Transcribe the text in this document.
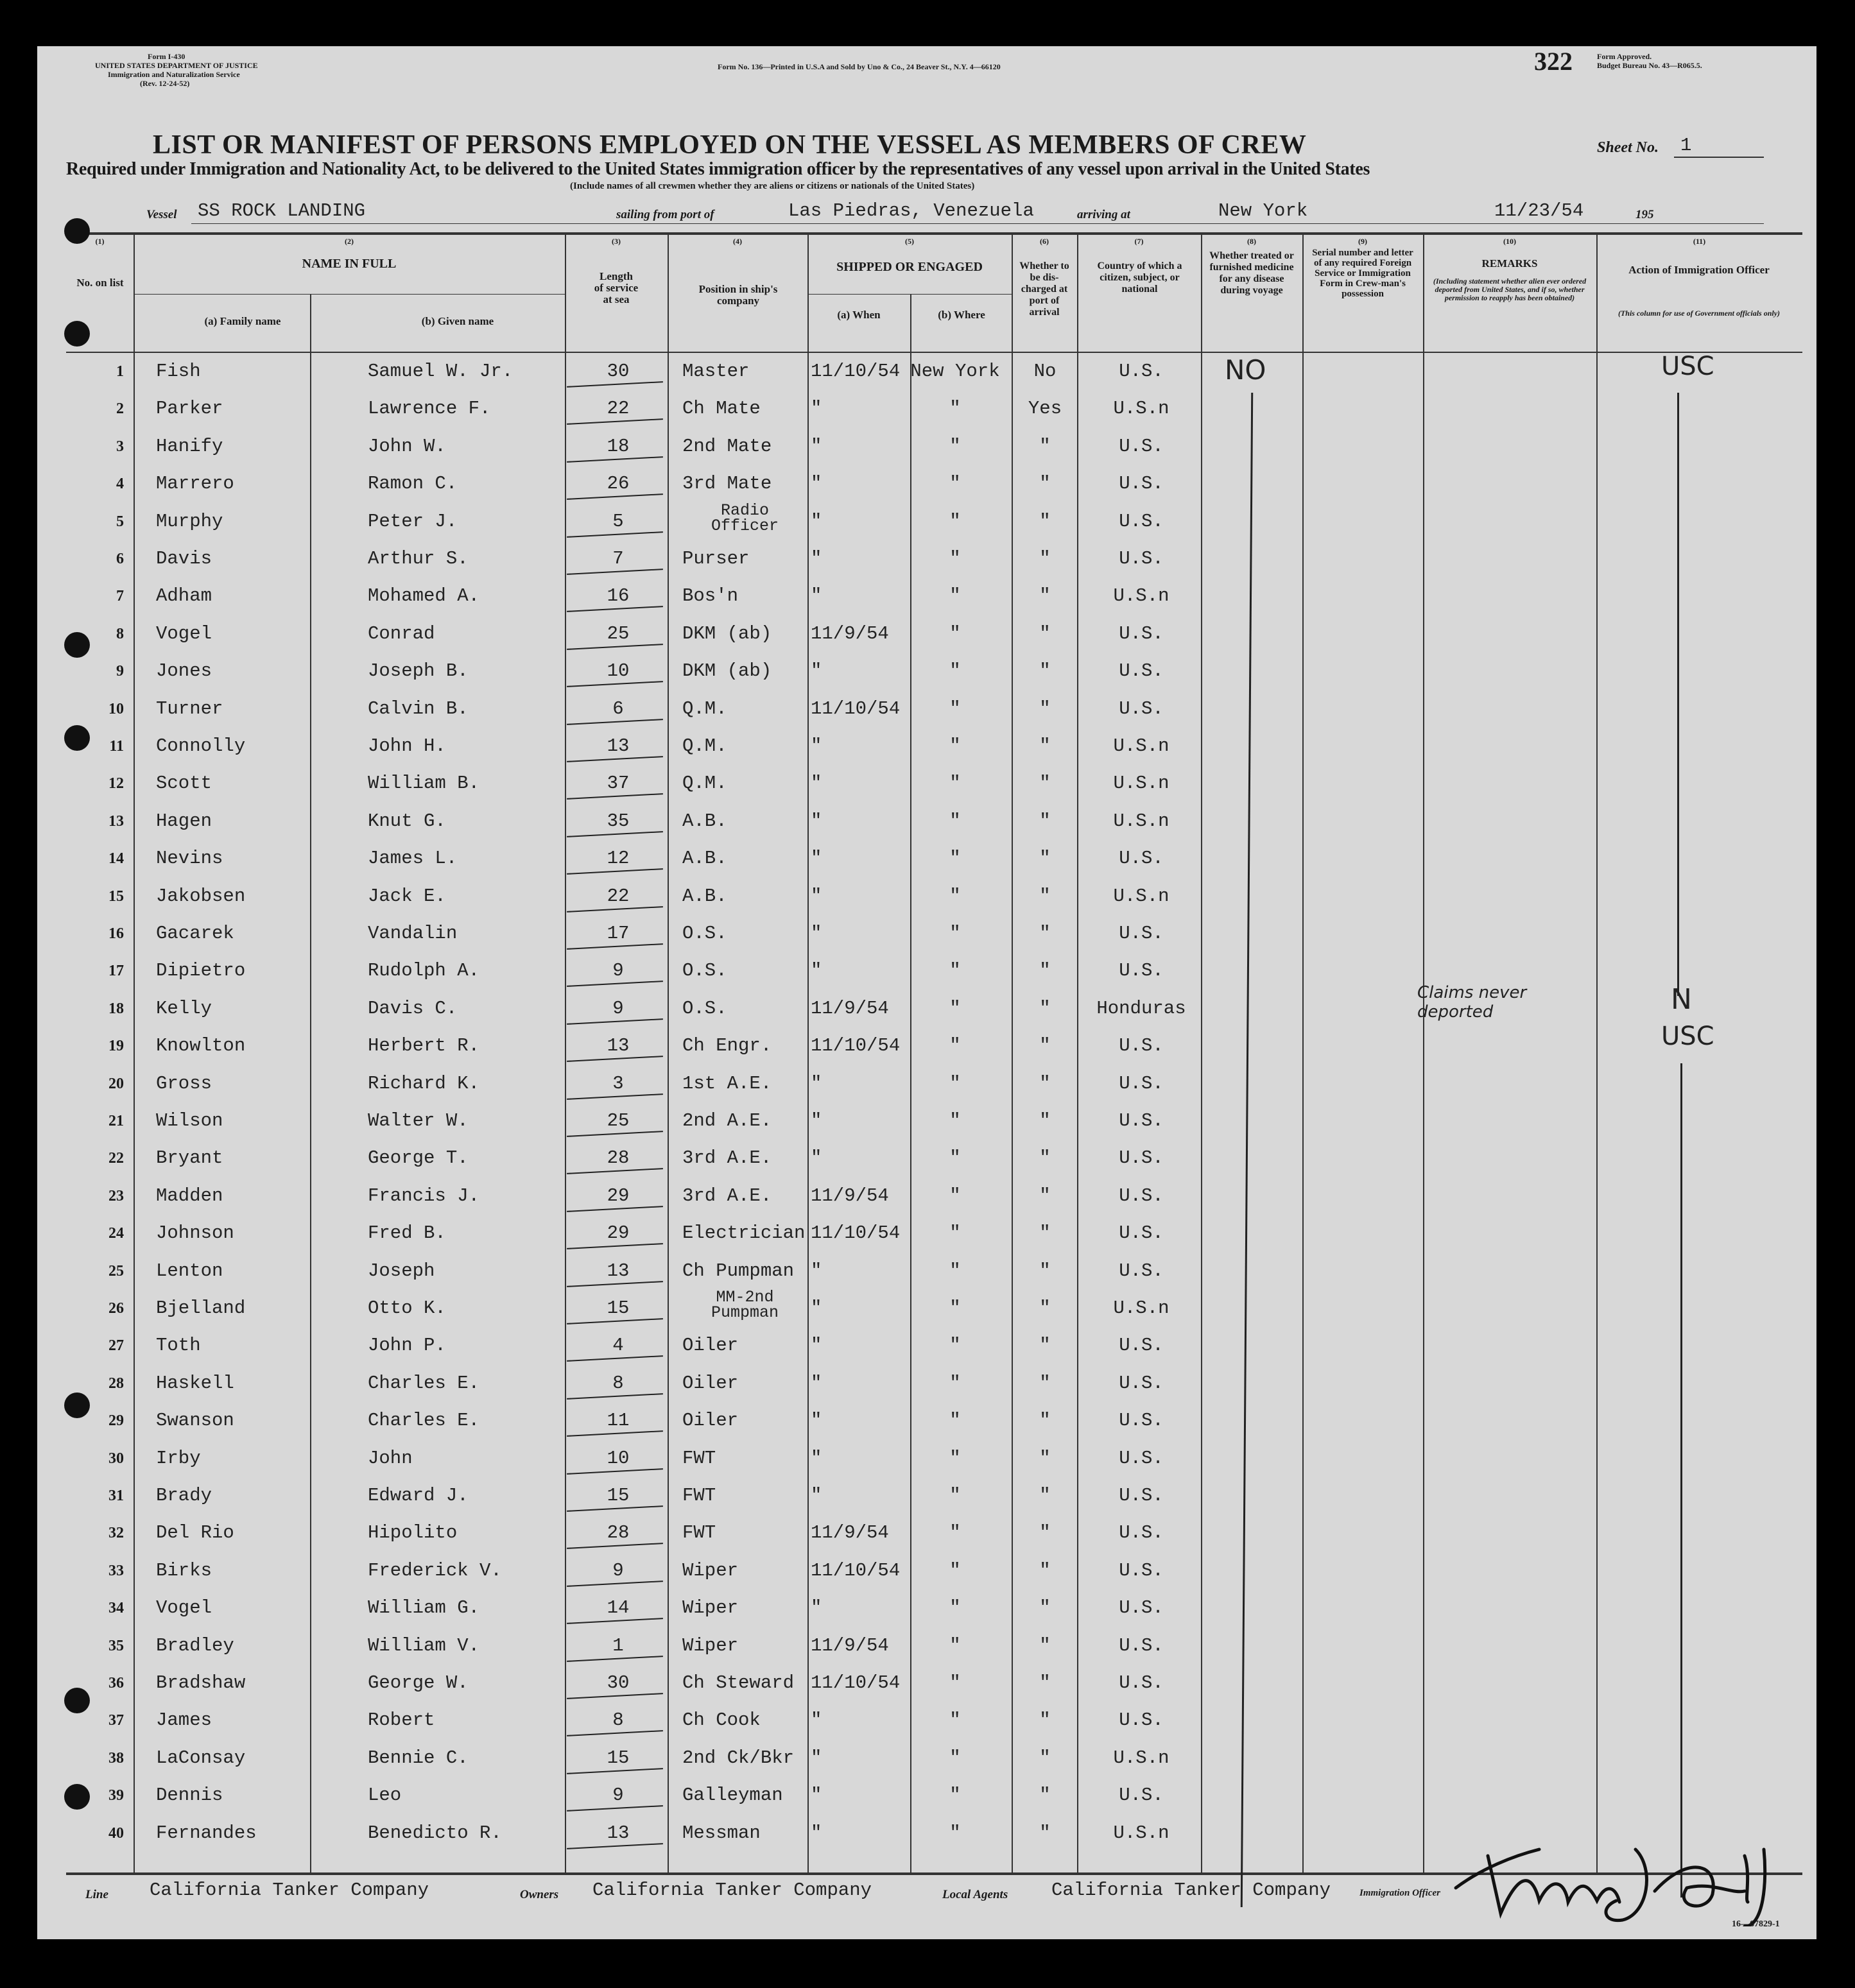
Form I-430
UNITED STATES DEPARTMENT OF JUSTICE
Immigration and Naturalization Service
(Rev. 12-24-52)
Form No. 136—Printed in U.S.A and Sold by Uno & Co., 24 Beaver St., N.Y. 4—66120	322	Form Approved.
Budget Bureau No. 43—R065.5.
LIST OR MANIFEST OF PERSONS EMPLOYED ON THE VESSEL AS MEMBERS OF CREW	Sheet No. 1
Required under Immigration and Nationality Act, to be delivered to the United States immigration officer by the representatives of any vessel upon arrival in the United States
(Include names of all crewmen whether they are aliens or citizens or nationals of the United States)
Vessel SS ROCK LANDING	sailing from port of	Las Piedras, Venezuela	arriving at	New York	11/23/54	195
(1)
No. on list
(2)
NAME IN FULL
(a) Family name	(b) Given name
(3)
Length of service at sea
(4)
Position in ship's company
(5)
SHIPPED OR ENGAGED
(a) When	(b) Where
(6)
Whether to be dis-charged at port of arrival
(7)
Country of which a citizen, subject, or national
(8)
Whether treated or furnished medicine for any disease during voyage
(9)
Serial number and letter of any required Foreign Service or Immigration Form in Crew-man's possession
(10)
REMARKS
(Including statement whether alien ever ordered deported from United States, and if so, whether permission to reapply has been obtained)
(11)
Action of Immigration Officer
(This column for use of Government officials only)
1 Fish	Samuel W. Jr.	30	Master	11/10/54 New York	No	U.S.
2 Parker	Lawrence F.	22	Ch Mate	"	"	Yes	U.S.n
3 Hanify	John W.	18	2nd Mate	"	"	"	U.S.
4 Marrero	Ramon C.	26	3rd Mate	"	"	"	U.S.
5 Murphy	Peter J.	5
Radio
Officer	"	"	"	U.S.
6 Davis	Arthur S.	7	Purser	"	"	"	U.S.
7 Adham	Mohamed A.	16	Bos'n	"	"	"	U.S.n
8 Vogel	Conrad	25	DKM (ab)	11/9/54	"	"	U.S.
9 Jones	Joseph B.	10	DKM (ab)	"	"	"	U.S.
10 Turner	Calvin B.	6	Q.M.	11/10/54	"	"	U.S.
11 Connolly	John H.	13	Q.M.	"	"	"	U.S.n
12 Scott	William B.	37	Q.M.	"	"	"	U.S.n
13 Hagen	Knut G.	35	A.B.	"	"	"	U.S.n
14 Nevins	James L.	12	A.B.	"	"	"	U.S.
15 Jakobsen	Jack E.	22	A.B.	"	"	"	U.S.n
16 Gacarek	Vandalin	17	O.S.	"	"	"	U.S.
17 Dipietro	Rudolph A.	9	O.S.	"	"	"	U.S.
18 Kelly	Davis C.	9	O.S.	11/9/54	"	"	Honduras
19 Knowlton	Herbert R.	13	Ch Engr.	11/10/54	"	"	U.S.
20 Gross	Richard K.	3	1st A.E.	"	"	"	U.S.
21 Wilson	Walter W.	25	2nd A.E.	"	"	"	U.S.
22 Bryant	George T.	28	3rd A.E.	"	"	"	U.S.
23 Madden	Francis J.	29	3rd A.E.	11/9/54	"	"	U.S.
24 Johnson	Fred B.	29	Electrician 11/10/54	"	"	U.S.
25 Lenton	Joseph	13	Ch Pumpman "	"	"	U.S.
26 Bjelland	Otto K.	15
MM-2nd
Pumpman	"	"	"	U.S.n
27 Toth	John P.	4	Oiler	"	"	"	U.S.
28 Haskell	Charles E.	8	Oiler	"	"	"	U.S.
29 Swanson	Charles E.	11	Oiler	"	"	"	U.S.
30 Irby	John	10	FWT	"	"	"	U.S.
31 Brady	Edward J.	15	FWT	"	"	"	U.S.
32 Del Rio	Hipolito	28	FWT	11/9/54	"	"	U.S.
33 Birks	Frederick V.	9	Wiper	11/10/54	"	"	U.S.
34 Vogel	William G.	14	Wiper	"	"	"	U.S.
35 Bradley	William V.	1	Wiper	11/9/54	"	"	U.S.
36 Bradshaw	George W.	30	Ch Steward 11/10/54	"	"	U.S.
37 James	Robert	8	Ch Cook	"	"	"	U.S.
38 LaConsay	Bennie C.	15	2nd Ck/Bkr "	"	"	U.S.n
39 Dennis	Leo	9	Galleyman	"	"	"	U.S.
40 Fernandes	Benedicto R.	13	Messman	"	"	"	U.S.n
NO	USC
N
USC
Claims never deported
Line California Tanker Company	Owners California Tanker Company	Local Agents California Tanker Company	Immigration Officer
16—67829-1
